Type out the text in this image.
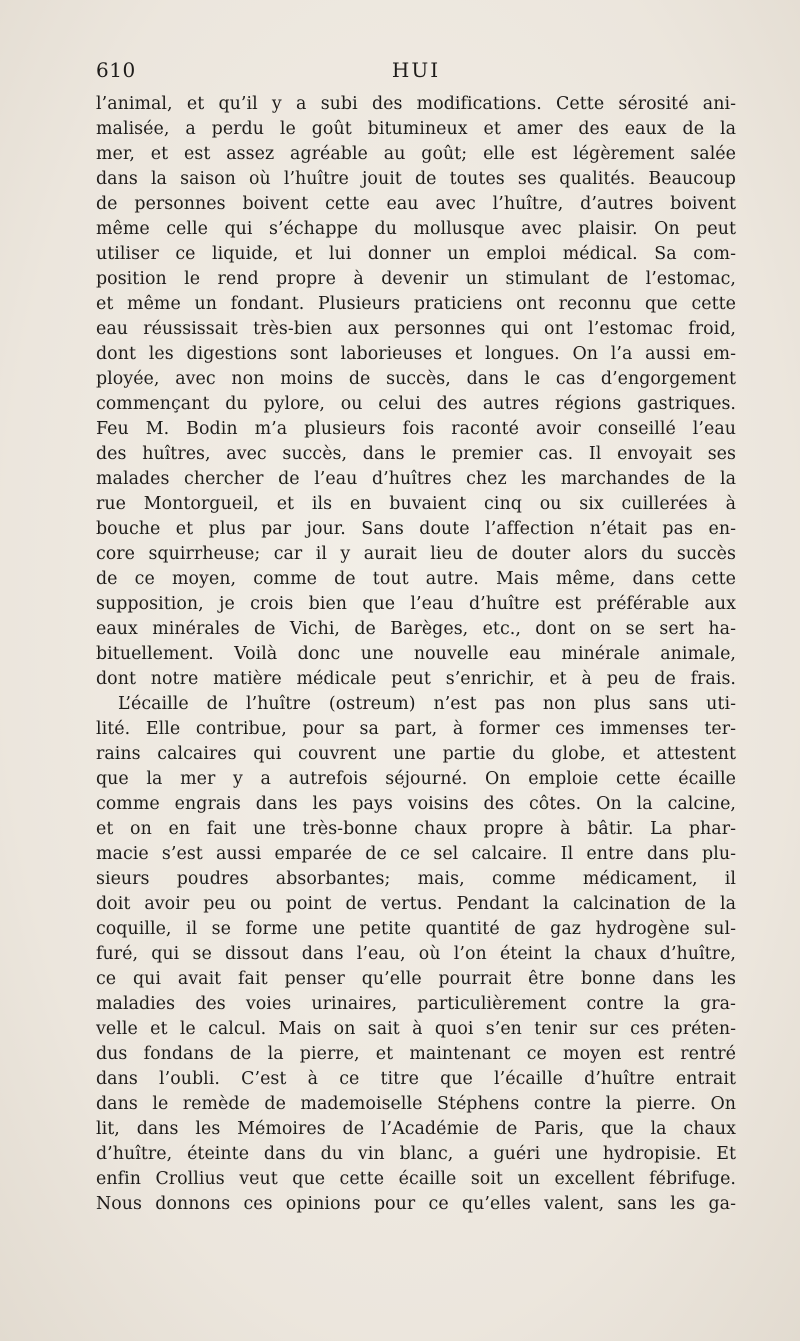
610	HUI
l’animal, et qu’il y a subi des modifications. Cette sérosité ani-
malisée, a perdu le goût bitumineux et amer des eaux de la
mer, et est assez agréable au goût; elle est légèrement salée
dans la saison où l’huître jouit de toutes ses qualités. Beaucoup
de personnes boivent cette eau avec l’huître, d’autres boivent
même celle qui s’échappe du mollusque avec plaisir. On peut
utiliser ce liquide, et lui donner un emploi médical. Sa com-
position le rend propre à devenir un stimulant de l’estomac,
et même un fondant. Plusieurs praticiens ont reconnu que cette
eau réussissait très-bien aux personnes qui ont l’estomac froid,
dont les digestions sont laborieuses et longues. On l’a aussi em-
ployée, avec non moins de succès, dans le cas d’engorgement
commençant du pylore, ou celui des autres régions gastriques.
Feu M. Bodin m’a plusieurs fois raconté avoir conseillé l’eau
des huîtres, avec succès, dans le premier cas. Il envoyait ses
malades chercher de l’eau d’huîtres chez les marchandes de la
rue Montorgueil, et ils en buvaient cinq ou six cuillerées à
bouche et plus par jour. Sans doute l’affection n’était pas en-
core squirrheuse; car il y aurait lieu de douter alors du succès
de ce moyen, comme de tout autre. Mais même, dans cette
supposition, je crois bien que l’eau d’huître est préférable aux
eaux minérales de Vichi, de Barèges, etc., dont on se sert ha-
bituellement. Voilà donc une nouvelle eau minérale animale,
dont notre matière médicale peut s’enrichir, et à peu de frais.
L’écaille de l’huître (ostreum) n’est pas non plus sans uti-
lité. Elle contribue, pour sa part, à former ces immenses ter-
rains calcaires qui couvrent une partie du globe, et attestent
que la mer y a autrefois séjourné. On emploie cette écaille
comme engrais dans les pays voisins des côtes. On la calcine,
et on en fait une très-bonne chaux propre à bâtir. La phar-
macie s’est aussi emparée de ce sel calcaire. Il entre dans plu-
sieurs poudres absorbantes; mais, comme médicament, il
doit avoir peu ou point de vertus. Pendant la calcination de la
coquille, il se forme une petite quantité de gaz hydrogène sul-
furé, qui se dissout dans l’eau, où l’on éteint la chaux d’huître,
ce qui avait fait penser qu’elle pourrait être bonne dans les
maladies des voies urinaires, particulièrement contre la gra-
velle et le calcul. Mais on sait à quoi s’en tenir sur ces préten-
dus fondans de la pierre, et maintenant ce moyen est rentré
dans l’oubli. C’est à ce titre que l’écaille d’huître entrait
dans le remède de mademoiselle Stéphens contre la pierre. On
lit, dans les Mémoires de l’Académie de Paris, que la chaux
d’huître, éteinte dans du vin blanc, a guéri une hydropisie. Et
enfin Crollius veut que cette écaille soit un excellent fébrifuge.
Nous donnons ces opinions pour ce qu’elles valent, sans les ga-
